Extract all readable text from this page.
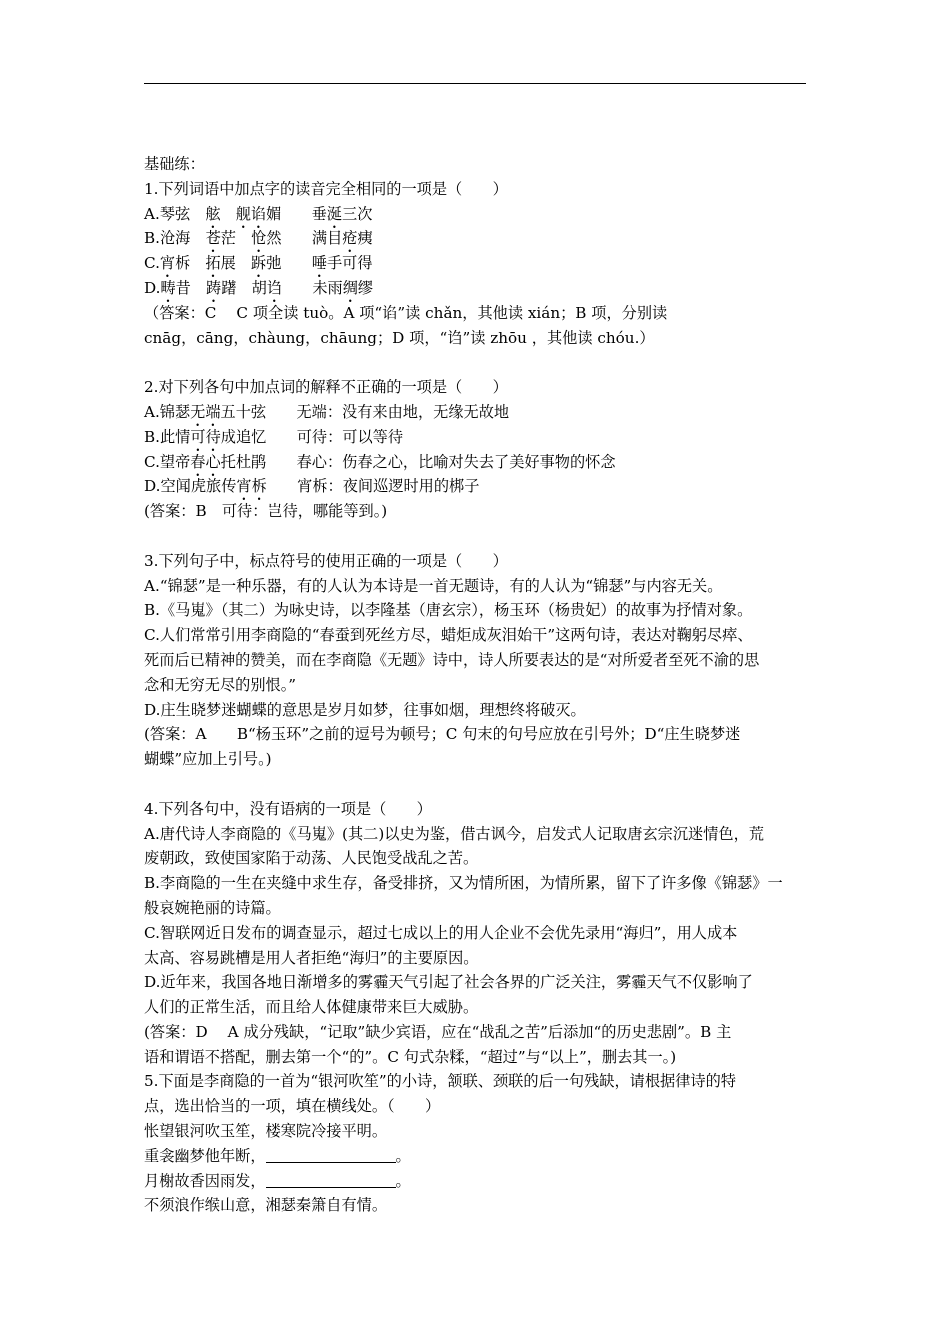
基础练：
1.下列词语中加点字的读音完全相同的一项是（　　）
A.琴弦　舷　 舰谄媚　　垂涎三次
B.沧海　苍茫　怆然　　满目疮痍
C.宵柝　拓展　跅弛　　唾手可得
D.畴昔　踌躇　胡诌　　未雨绸缪
（答案：C　 C 项全读 tuò。A 项“谄”读 chǎn，其他读 xián；B 项，分别读
cnāg，cāng，chàung，chāung；D 项，“诌”读 zhōu ，其他读 chóu.）
2.对下列各句中加点词的解释不正确的一项是（　　）
A.锦瑟无端五十弦　　无端：没有来由地，无缘无故地
B.此情可待成追忆　　可待：可以等待
C.望帝春心托杜鹃　　春心：伤春之心，比喻对失去了美好事物的怀念
D.空闻虎旅传宵柝　　宵柝：夜间巡逻时用的梆子
(答案：B　可待：岂待，哪能等到。)
3.下列句子中，标点符号的使用正确的一项是（　　）
A.“锦瑟”是一种乐器，有的人认为本诗是一首无题诗，有的人认为“锦瑟”与内容无关。
B.《马嵬》（其二）为咏史诗，以李隆基（唐玄宗），杨玉环（杨贵妃）的故事为抒情对象。
C.人们常常引用李商隐的“春蚕到死丝方尽，蜡炬成灰泪始干”这两句诗，表达对鞠躬尽瘁、
死而后已精神的赞美，而在李商隐《无题》诗中，诗人所要表达的是“对所爱者至死不渝的思
念和无穷无尽的别恨。”
D.庄生晓梦迷蝴蝶的意思是岁月如梦，往事如烟，理想终将破灭。
(答案：A　　B“杨玉环”之前的逗号为顿号；C 句末的句号应放在引号外；D“庄生晓梦迷
蝴蝶”应加上引号。)
4.下列各句中，没有语病的一项是（　　）
A.唐代诗人李商隐的《马嵬》(其二)以史为鉴，借古讽今，启发式人记取唐玄宗沉迷情色，荒
废朝政，致使国家陷于动荡、人民饱受战乱之苦。
B.李商隐的一生在夹缝中求生存，备受排挤，又为情所困，为情所累，留下了许多像《锦瑟》一
般哀婉艳丽的诗篇。
C.智联网近日发布的调查显示，超过七成以上的用人企业不会优先录用“海归”，用人成本
太高、容易跳槽是用人者拒绝“海归”的主要原因。
D.近年来，我国各地日渐增多的雾霾天气引起了社会各界的广泛关注，雾霾天气不仅影响了
人们的正常生活，而且给人体健康带来巨大威胁。
(答案：D　 A 成分残缺，“记取”缺少宾语，应在“战乱之苦”后添加“的历史悲剧”。B 主
语和谓语不搭配，删去第一个“的”。C 句式杂糅，“超过”与“以上”，删去其一。)
5.下面是李商隐的一首为“银河吹笙”的小诗，颔联、颈联的后一句残缺，请根据律诗的特
点，选出恰当的一项，填在横线处。（　　）
怅望银河吹玉笙，楼寒院冷接平明。
重衾幽梦他年断，	。
月榭故香因雨发，	。
不须浪作缑山意，湘瑟秦箫自有情。
